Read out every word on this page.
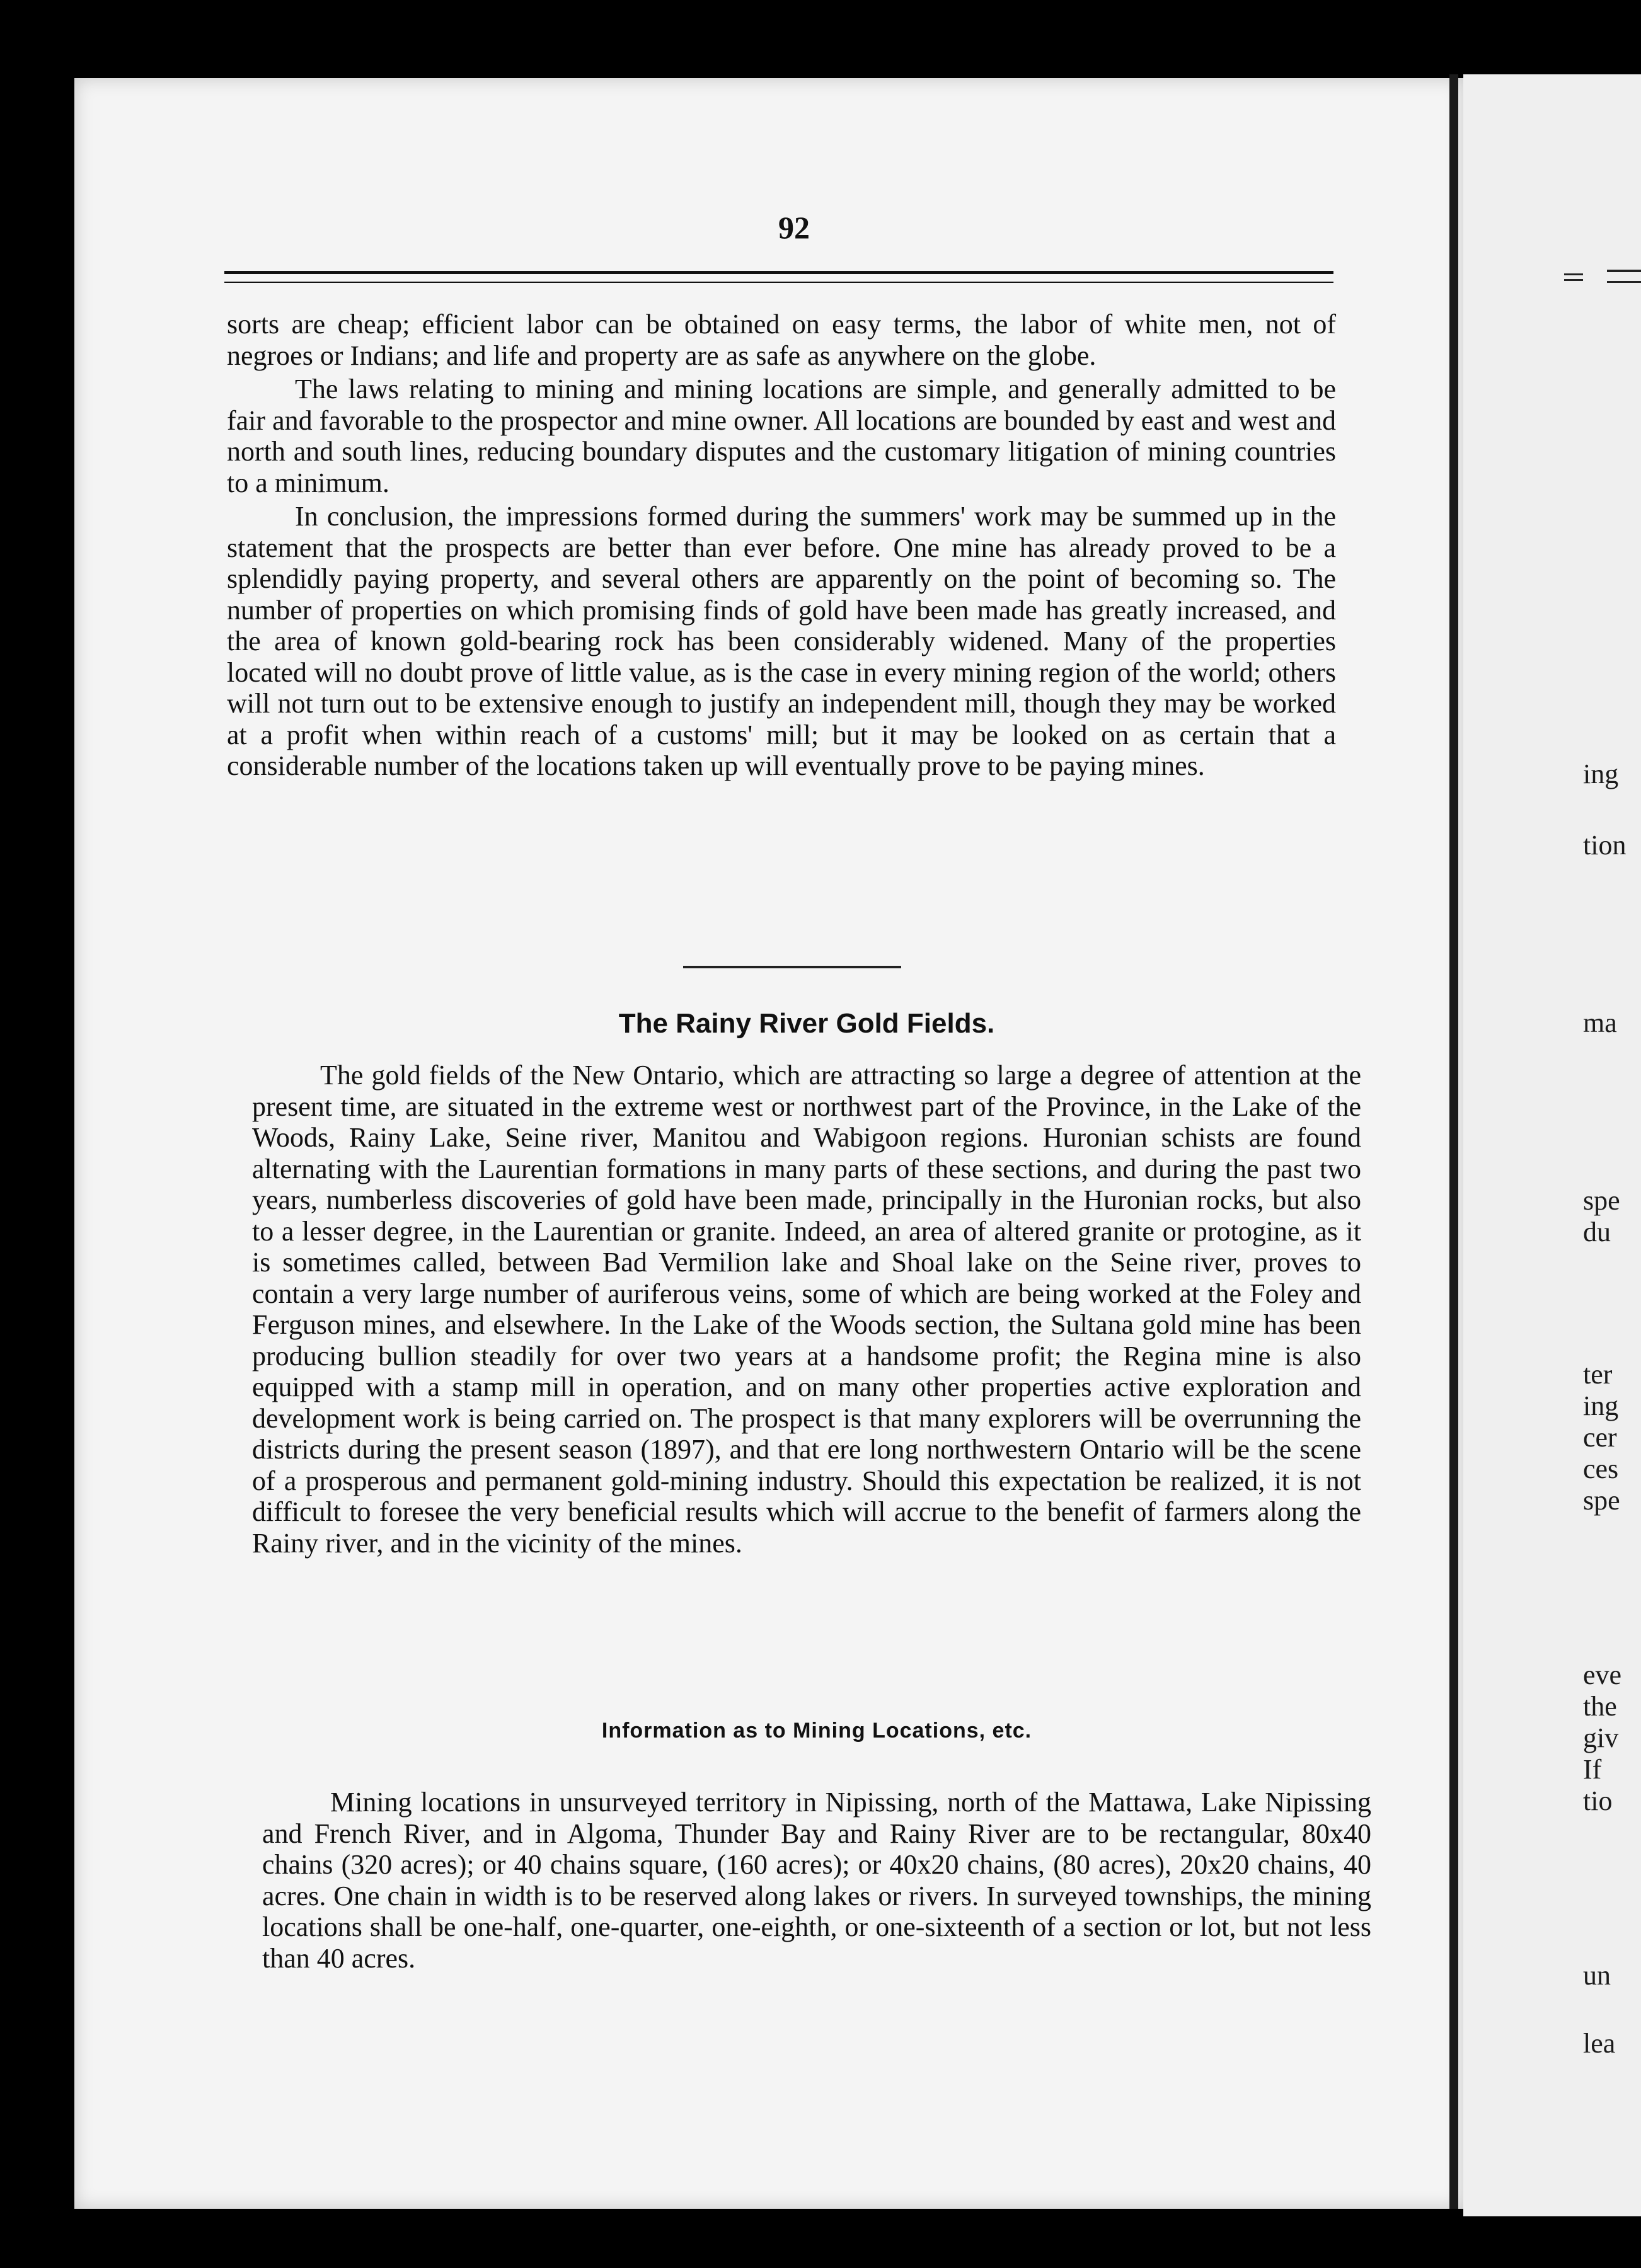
ing
tion
ma
spe
du
ter
ing
cer
ces
spe
eve
the
giv
If
tio
un
lea
92

sorts are cheap; efficient labor can be obtained on easy terms, the labor of white men, not of negroes or Indians; and life and property are as safe as anywhere on the globe.

The laws relating to mining and mining locations are simple, and generally admitted to be fair and favorable to the prospector and mine owner. All locations are bounded by east and west and north and south lines, reducing boundary disputes and the customary litigation of mining countries to a minimum.

In conclusion, the impressions formed during the summers' work may be summed up in the statement that the prospects are better than ever before. One mine has already proved to be a splendidly paying property, and several others are apparently on the point of becoming so. The number of properties on which promising finds of gold have been made has greatly increased, and the area of known gold-bearing rock has been considerably widened. Many of the properties located will no doubt prove of little value, as is the case in every mining region of the world; others will not turn out to be extensive enough to justify an independent mill, though they may be worked at a profit when within reach of a customs' mill; but it may be looked on as certain that a considerable number of the locations taken up will eventually prove to be paying mines.

The Rainy River Gold Fields.

The gold fields of the New Ontario, which are attracting so large a degree of attention at the present time, are situated in the extreme west or northwest part of the Province, in the Lake of the Woods, Rainy Lake, Seine river, Manitou and Wabigoon regions. Huronian schists are found alternating with the Laurentian formations in many parts of these sections, and during the past two years, numberless discoveries of gold have been made, principally in the Huronian rocks, but also to a lesser degree, in the Laurentian or granite. Indeed, an area of altered granite or protogine, as it is sometimes called, between Bad Vermilion lake and Shoal lake on the Seine river, proves to contain a very large number of auriferous veins, some of which are being worked at the Foley and Ferguson mines, and elsewhere. In the Lake of the Woods section, the Sultana gold mine has been producing bullion steadily for over two years at a handsome profit; the Regina mine is also equipped with a stamp mill in operation, and on many other properties active exploration and development work is being carried on. The prospect is that many explorers will be overrunning the districts during the present season (1897), and that ere long northwestern Ontario will be the scene of a prosperous and permanent gold-mining industry. Should this expectation be realized, it is not difficult to foresee the very beneficial results which will accrue to the benefit of farmers along the Rainy river, and in the vicinity of the mines.

Information as to Mining Locations, etc.

Mining locations in unsurveyed territory in Nipissing, north of the Mattawa, Lake Nipissing and French River, and in Algoma, Thunder Bay and Rainy River are to be rectangular, 80x40 chains (320 acres); or 40 chains square, (160 acres); or 40x20 chains, (80 acres), 20x20 chains, 40 acres. One chain in width is to be reserved along lakes or rivers. In surveyed townships, the mining locations shall be one-half, one-quarter, one-eighth, or one-sixteenth of a section or lot, but not less than 40 acres.
